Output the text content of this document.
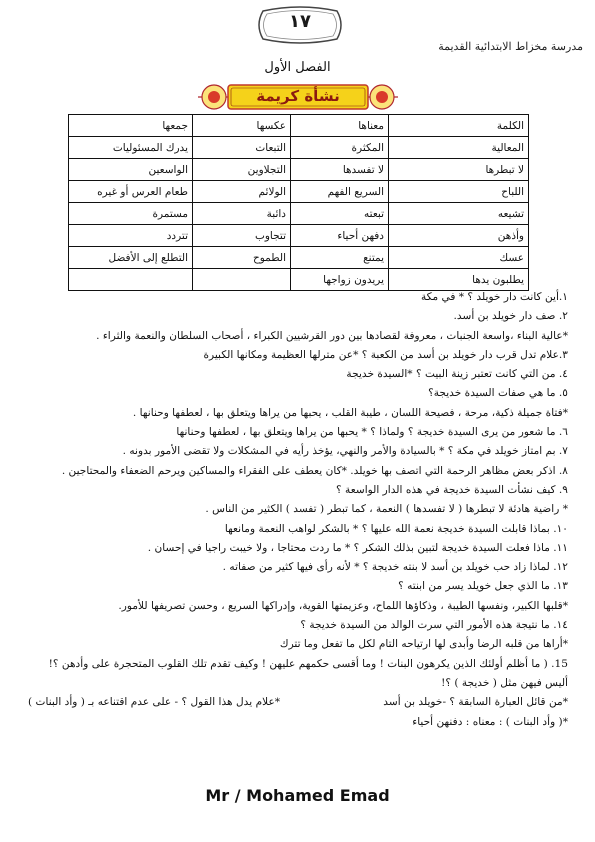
١٧
مدرسة مخزاط الابتدائية القديمة
الفصل الأول
نشأة كريمة
الكلمة	معناها	عكسها	جمعها
المعالية	المكثرة	التبعات	يدرك المسئوليات
لا تبطرها	لا تفسدها	التجلاوين	الواسعين
اللباح	السريع الفهم	الولائم	طعام العرس أو غيره
تشيعه	تبعته	دائبة	مستمرة
وأذهن	دفهن أحياء	تتجاوب	تتردد
عسك	يمتنع	الطموح	التطلع إلى الأفضل
يطلبون يدها	يريدون زواجها		
١.أين كانت دار خويلد ؟ * في مكة
٢. صف دار خويلد بن أسد.
*عالية البناء ،واسعة الجنبات ، معروفة لقصادها بين دور القرشيين الكبراء ، أصحاب السلطان والنعمة والثراء .
٣.علام تدل قرب دار خويلد بن أسد من الكعبة ؟ *عن مترلها العظيمة ومكانها الكبيرة
٤. من التي كانت تعتبر زينة البيت ؟ *السيدة خديجة
٥. ما هي صفات السيدة خديجة؟
*فتاة جميلة ذكية، مرحة ، فصيحة اللسان ، طيبة القلب ، يحبها من يراها ويتعلق بها ، لعطفها وحنانها .
٦. ما شعور من يرى السيدة خديجة ؟ ولماذا ؟ * يحبها من يراها ويتعلق بها ، لعطفها وحنانها
٧. بم امتاز خويلد في مكة ؟ * بالسيادة والأمر والنهي، يؤخذ رأيه في المشكلات ولا تقضى الأمور بدونه .
٨. اذكر بعض مظاهر الرحمة التي اتصف بها خويلد. *كان يعطف على الفقراء والمساكين ويرحم الضعفاء والمحتاجين .
٩. كيف نشأت السيدة خديجة في هذه الدار الواسعة ؟
* راضية هادئة لا تبطرها ( لا تفسدها ) النعمة ، كما تبطر ( تفسد ) الكثير من الناس .
١٠. بماذا قابلت السيدة خديجة نعمة الله عليها ؟ * بالشكر لواهب النعمة ومانعها
١١. ماذا فعلت السيدة خديجة لتبين بذلك الشكر ؟ * ما ردت محتاجا ، ولا خيبت راجيا في إحسان .
١٢. لماذا زاد حب خويلد بن أسد لا بنته خديجة ؟ * لأنه رأى فيها كثير من صفاته .
١٣. ما الذي جعل خويلد يسر من ابنته ؟
*قلبها الكبير، ونفسها الطيبة ، وذكاؤها اللماح، وعزيمتها القوية، وإدراكها السريع ، وحسن تصريفها للأمور.
١٤. ما نتيجة هذه الأمور التي سرت الوالد من السيدة خديجة ؟
*أراها من قلبه الرضا وأبدى لها ارتياحه التام لكل ما تفعل وما تترك
15. ( ما أظلم أولئك الذين يكرهون البنات ! وما أقسى حكمهم عليهن ! وكيف تقدم تلك القلوب المتحجرة على وأدهن ؟! أليس فيهن مثل ( خديجة ) ؟!
*من قائل العبارة السابقة ؟ -خويلد بن أسد
*علام يدل هذا القول ؟ - على عدم اقتناعه بـ ( وأد البنات )
*( وأد البنات ) : معناه : دفنهن أحياء
Mr / Mohamed Emad
